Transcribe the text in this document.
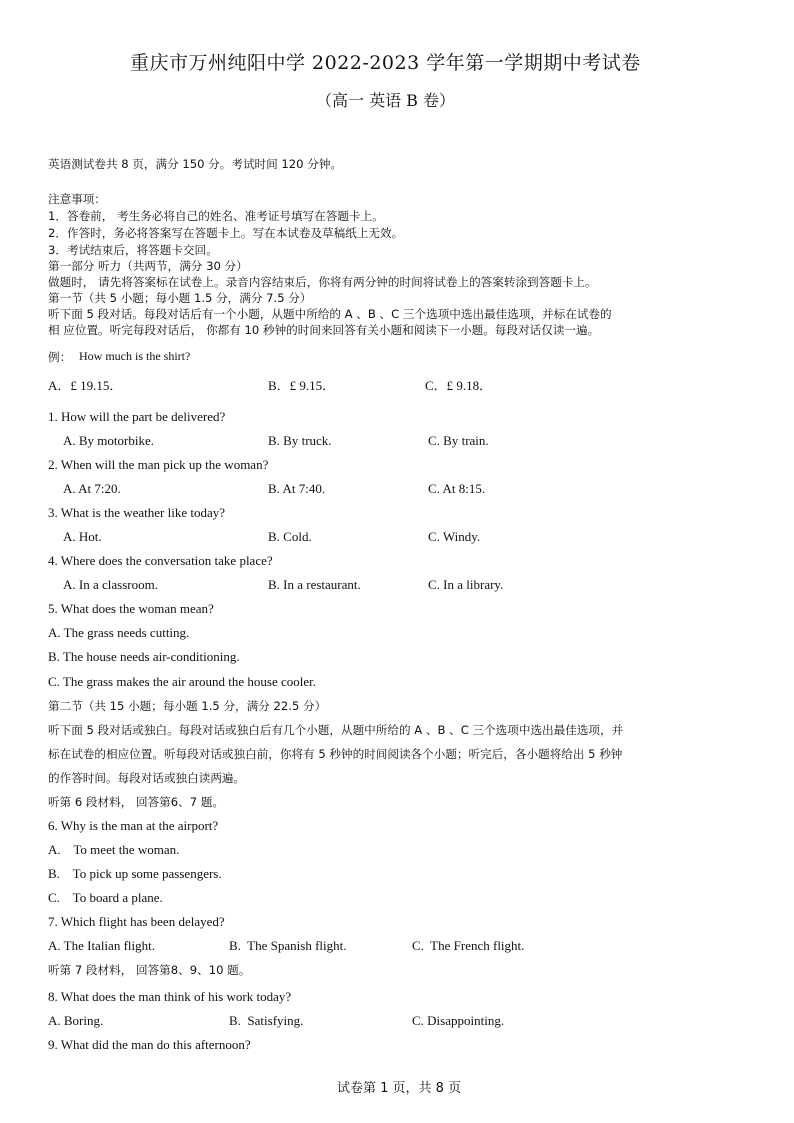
重庆市万州纯阳中学 2022-2023 学年第一学期期中考试卷
（高一 英语 B 卷）
英语测试卷共 8 页，满分 150 分。考试时间 120 分钟。
注意事项：
1．答卷前， 考生务必将自己的姓名、准考证号填写在答题卡上。
2．作答时，务必将答案写在答题卡上。写在本试卷及草稿纸上无效。
3．考试结束后，将答题卡交回。
第一部分 听力（共两节，满分 30 分）
做题时， 请先将答案标在试卷上。录音内容结束后，你将有两分钟的时间将试卷上的答案转涂到答题卡上。
第一节（共 5 小题；每小题 1.5 分，满分 7.5 分）
听下面 5 段对话。每段对话后有一个小题，从题中所给的 A 、B 、C 三个选项中选出最佳选项，并标在试卷的
相 应位置。听完每段对话后， 你都有 10 秒钟的时间来回答有关小题和阅读下一小题。每段对话仅读一遍。
例： How much is the shirt?
A．£ 19.15．	B．£ 9.15．	C．£ 9.18．
1. How will the part be delivered?
A. By motorbike.	B. By truck.	C. By train.
2. When will the man pick up the woman?
A. At 7:20.	B. At 7:40.	C. At 8:15.
3. What is the weather like today?
A. Hot.	B. Cold.	C. Windy.
4. Where does the conversation take place?
A. In a classroom.	B. In a restaurant.	C. In a library.
5. What does the woman mean?
A. The grass needs cutting.
B. The house needs air-conditioning.
C. The grass makes the air around the house cooler.
第二节（共 15 小题；每小题 1.5 分，满分 22.5 分）
听下面 5 段对话或独白。每段对话或独白后有几个小题，从题中所给的 A 、B 、C 三个选项中选出最佳选项，并
标在试卷的相应位置。听每段对话或独白前，你将有 5 秒钟的时间阅读各个小题；听完后，各小题将给出 5 秒钟
的作答时间。每段对话或独白读两遍。
听第 6 段材料， 回答第6、7 题。
6. Why is the man at the airport?
A.    To meet the woman.
B.    To pick up some passengers.
C.    To board a plane.
7. Which flight has been delayed?
A. The Italian flight.	B.  The Spanish flight.	C.  The French flight.
听第 7 段材料， 回答第8、9、10 题。
8. What does the man think of his work today?
A. Boring.	B.  Satisfying.	C. Disappointing.
9. What did the man do this afternoon?
试卷第 1 页，共 8 页
